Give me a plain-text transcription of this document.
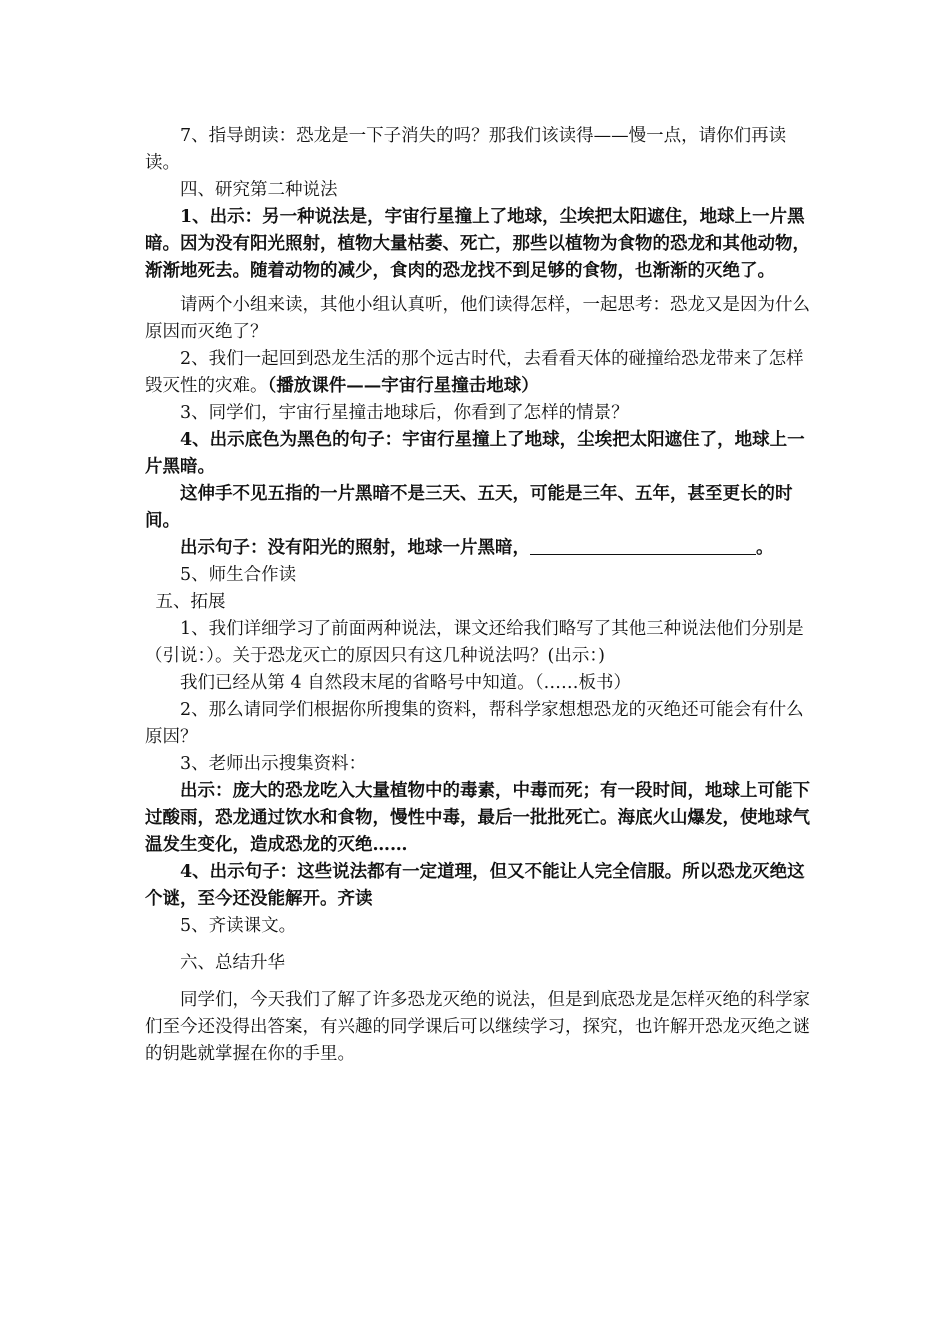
7、指导朗读：恐龙是一下子消失的吗？那我们该读得——慢一点，请你们再读读。

四、研究第二种说法

1、出示：另一种说法是，宇宙行星撞上了地球，尘埃把太阳遮住，地球上一片黑暗。因为没有阳光照射，植物大量枯萎、死亡，那些以植物为食物的恐龙和其他动物，渐渐地死去。随着动物的减少，食肉的恐龙找不到足够的食物，也渐渐的灭绝了。

请两个小组来读，其他小组认真听，他们读得怎样，一起思考：恐龙又是因为什么原因而灭绝了？

2、我们一起回到恐龙生活的那个远古时代，去看看天体的碰撞给恐龙带来了怎样毁灭性的灾难。（播放课件——宇宙行星撞击地球）

3、同学们，宇宙行星撞击地球后，你看到了怎样的情景？

4、出示底色为黑色的句子：宇宙行星撞上了地球，尘埃把太阳遮住了，地球上一片黑暗。

这伸手不见五指的一片黑暗不是三天、五天，可能是三年、五年，甚至更长的时间。

出示句子：没有阳光的照射，地球一片黑暗，	。

5、师生合作读

五、拓展

1、我们详细学习了前面两种说法，课文还给我们略写了其他三种说法他们分别是（引说：）。关于恐龙灭亡的原因只有这几种说法吗？(出示：)

我们已经从第 4 自然段末尾的省略号中知道。（……板书）

2、那么请同学们根据你所搜集的资料，帮科学家想想恐龙的灭绝还可能会有什么原因？

3、老师出示搜集资料：

出示：庞大的恐龙吃入大量植物中的毒素，中毒而死；有一段时间，地球上可能下过酸雨，恐龙通过饮水和食物，慢性中毒，最后一批批死亡。海底火山爆发，使地球气温发生变化，造成恐龙的灭绝……

4、出示句子：这些说法都有一定道理，但又不能让人完全信服。所以恐龙灭绝这个谜，至今还没能解开。齐读

5、齐读课文。

六、总结升华

同学们，今天我们了解了许多恐龙灭绝的说法，但是到底恐龙是怎样灭绝的科学家们至今还没得出答案，有兴趣的同学课后可以继续学习，探究，也许解开恐龙灭绝之谜的钥匙就掌握在你的手里。
